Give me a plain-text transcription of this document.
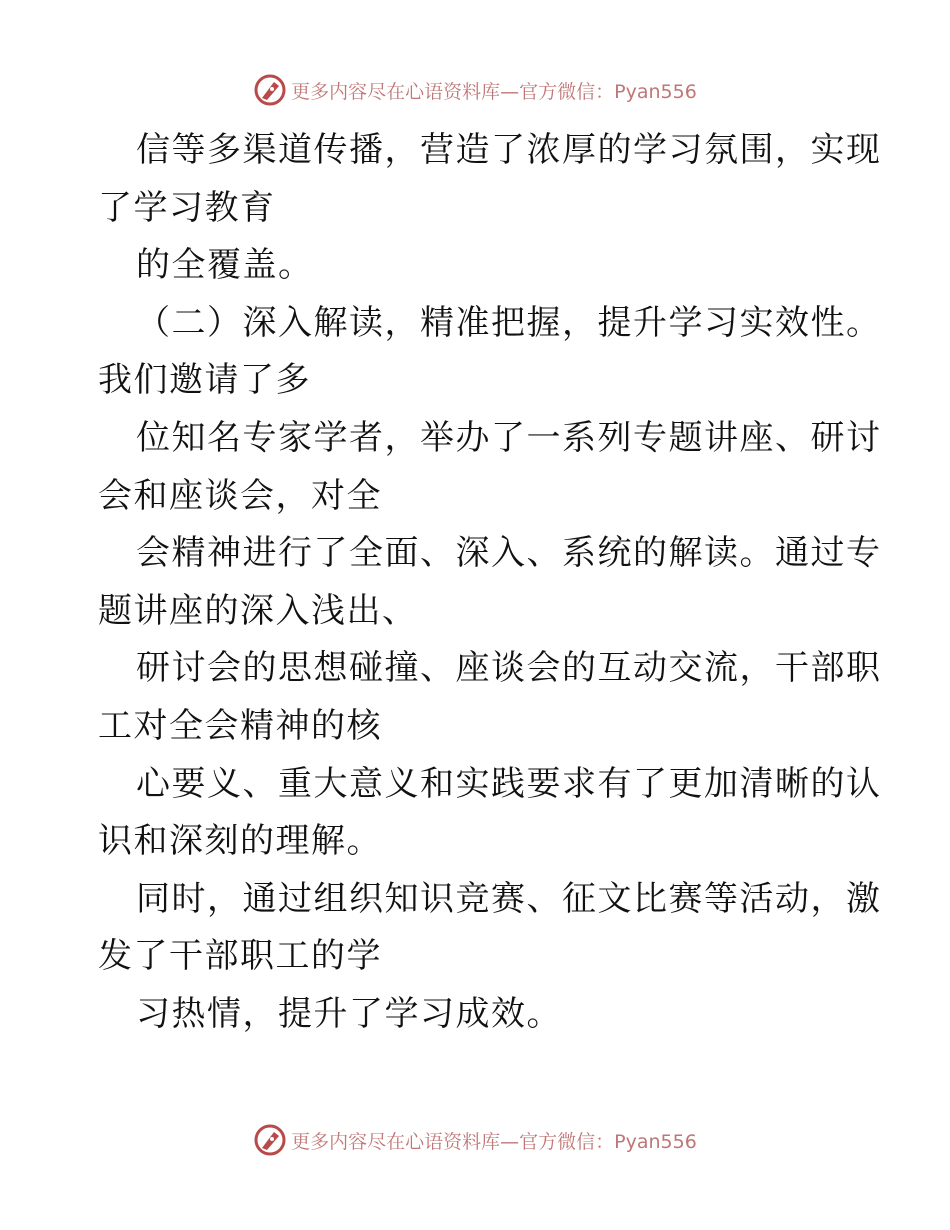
更多内容尽在心语资料库—官方微信：Pyan556
信等多渠道传播，营造了浓厚的学习氛围，实现
了学习教育
的全覆盖。
（二）深入解读，精准把握，提升学习实效性。
我们邀请了多
位知名专家学者，举办了一系列专题讲座、研讨
会和座谈会，对全
会精神进行了全面、深入、系统的解读。通过专
题讲座的深入浅出、
研讨会的思想碰撞、座谈会的互动交流，干部职
工对全会精神的核
心要义、重大意义和实践要求有了更加清晰的认
识和深刻的理解。
同时，通过组织知识竞赛、征文比赛等活动，激
发了干部职工的学
习热情，提升了学习成效。
更多内容尽在心语资料库—官方微信：Pyan556
